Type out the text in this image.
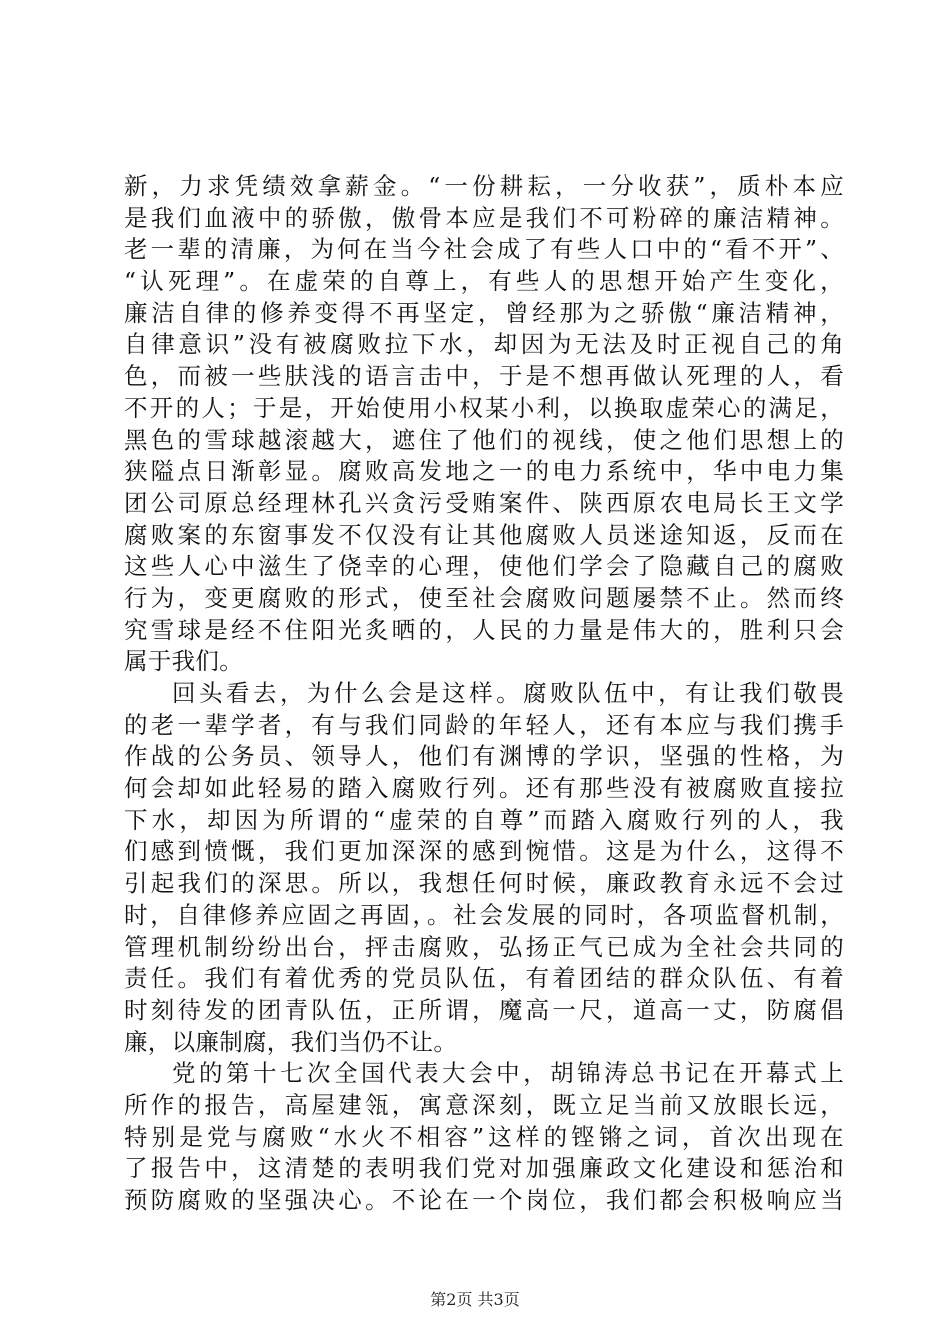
新，力求凭绩效拿薪金。“一份耕耘，一分收获”，质朴本应
是我们血液中的骄傲，傲骨本应是我们不可粉碎的廉洁精神。
老一辈的清廉，为何在当今社会成了有些人口中的“看不开”、
“认死理”。在虚荣的自尊上，有些人的思想开始产生变化，
廉洁自律的修养变得不再坚定，曾经那为之骄傲“廉洁精神，
自律意识”没有被腐败拉下水，却因为无法及时正视自己的角
色，而被一些肤浅的语言击中，于是不想再做认死理的人，看
不开的人；于是，开始使用小权某小利，以换取虚荣心的满足，
黑色的雪球越滚越大，遮住了他们的视线，使之他们思想上的
狭隘点日渐彰显。腐败高发地之一的电力系统中，华中电力集
团公司原总经理林孔兴贪污受贿案件、陕西原农电局长王文学
腐败案的东窗事发不仅没有让其他腐败人员迷途知返，反而在
这些人心中滋生了侥幸的心理，使他们学会了隐藏自己的腐败
行为，变更腐败的形式，使至社会腐败问题屡禁不止。然而终
究雪球是经不住阳光炙晒的，人民的力量是伟大的，胜利只会
属于我们。
回头看去，为什么会是这样。腐败队伍中，有让我们敬畏
的老一辈学者，有与我们同龄的年轻人，还有本应与我们携手
作战的公务员、领导人，他们有渊博的学识，坚强的性格，为
何会却如此轻易的踏入腐败行列。还有那些没有被腐败直接拉
下水，却因为所谓的“虚荣的自尊”而踏入腐败行列的人，我
们感到愤慨，我们更加深深的感到惋惜。这是为什么，这得不
引起我们的深思。所以，我想任何时候，廉政教育永远不会过
时，自律修养应固之再固，。社会发展的同时，各项监督机制，
管理机制纷纷出台，抨击腐败，弘扬正气已成为全社会共同的
责任。我们有着优秀的党员队伍，有着团结的群众队伍、有着
时刻待发的团青队伍，正所谓，魔高一尺，道高一丈，防腐倡
廉，以廉制腐，我们当仍不让。
党的第十七次全国代表大会中，胡锦涛总书记在开幕式上
所作的报告，高屋建瓴，寓意深刻，既立足当前又放眼长远，
特别是党与腐败“水火不相容”这样的铿锵之词，首次出现在
了报告中，这清楚的表明我们党对加强廉政文化建设和惩治和
预防腐败的坚强决心。不论在一个岗位，我们都会积极响应当
第2页 共3页
